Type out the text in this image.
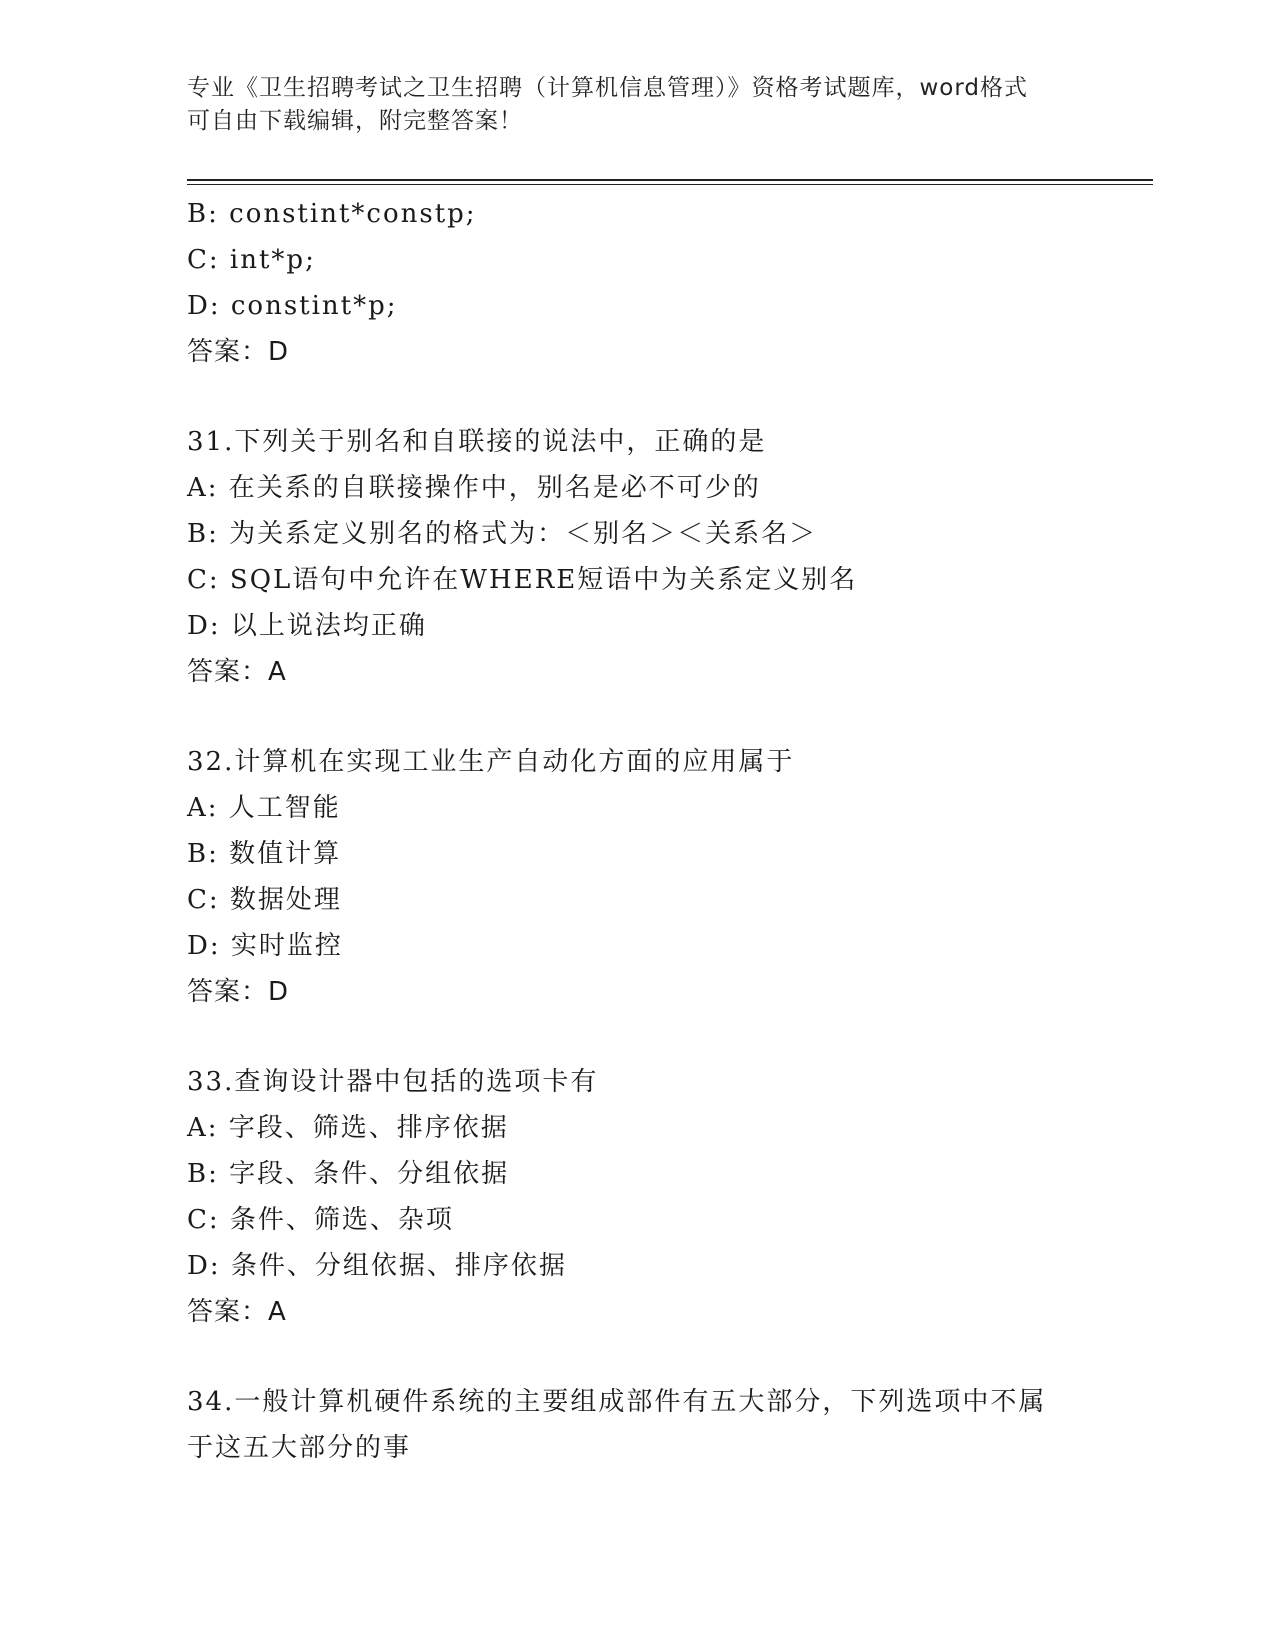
专业《卫生招聘考试之卫生招聘（计算机信息管理）》资格考试题库，word格式
可自由下载编辑，附完整答案！
B: constint*constp;
C: int*p;
D: constint*p;
答案：D
31.下列关于别名和自联接的说法中，正确的是
A: 在关系的自联接操作中，别名是必不可少的
B: 为关系定义别名的格式为：＜别名＞＜关系名＞
C: SQL语句中允许在WHERE短语中为关系定义别名
D: 以上说法均正确
答案：A
32.计算机在实现工业生产自动化方面的应用属于
A: 人工智能
B: 数值计算
C: 数据处理
D: 实时监控
答案：D
33.查询设计器中包括的选项卡有
A: 字段、筛选、排序依据
B: 字段、条件、分组依据
C: 条件、筛选、杂项
D: 条件、分组依据、排序依据
答案：A
34.一般计算机硬件系统的主要组成部件有五大部分，下列选项中不属
于这五大部分的事
